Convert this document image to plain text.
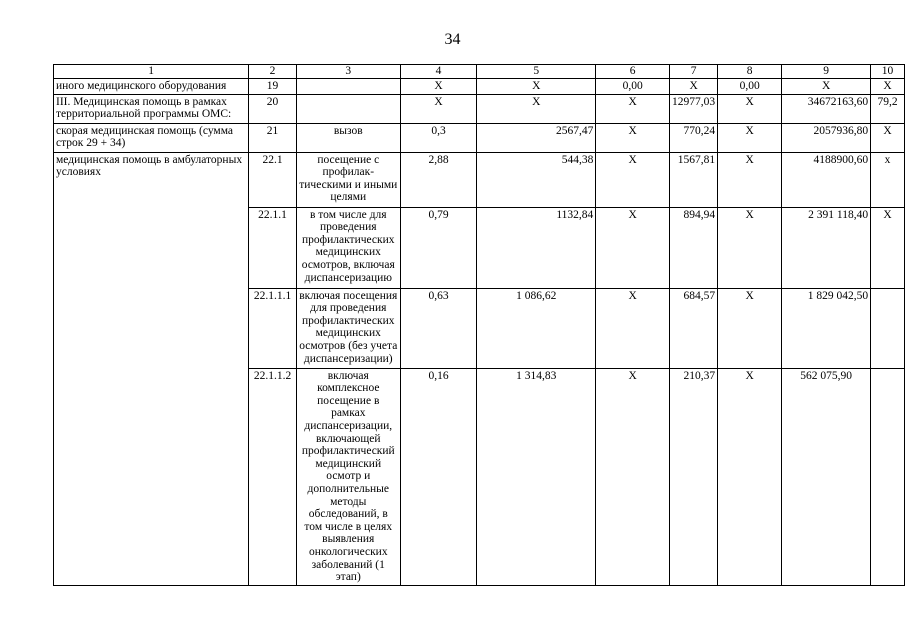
34
1	2	3	4	5	6	7	8	9	10
иного медицинского оборудования	19		X	X	0,00	X	0,00	X	X
III. Медицинская помощь в рамках территориальной программы ОМС:	20		X	X	X	12977,03	X	34672163,60	79,2
скорая медицинская помощь (сумма строк 29 + 34)	21	вызов	0,3	2567,47	X	770,24	X	2057936,80	X
медицинская помощь в амбулаторных условиях	22.1	посещение с профилак-тическими и иными целями	2,88	544,38	X	1567,81	X	4188900,60	x
	22.1.1	в том числе для проведения профилактических медицинских осмотров, включая диспансеризацию	0,79	1132,84	X	894,94	X	2 391 118,40	X
	22.1.1.1	включая посещения для проведения профилактических медицинских осмотров (без учета диспансеризации)	0,63	1 086,62	X	684,57	X	1 829 042,50	
	22.1.1.2	включая комплексное посещение в рамках диспансеризации, включающей профилактический медицинский осмотр и дополнительные методы обследований, в том числе в целях выявления онкологических заболеваний (1 этап)	0,16	1 314,83	X	210,37	X	562 075,90	
